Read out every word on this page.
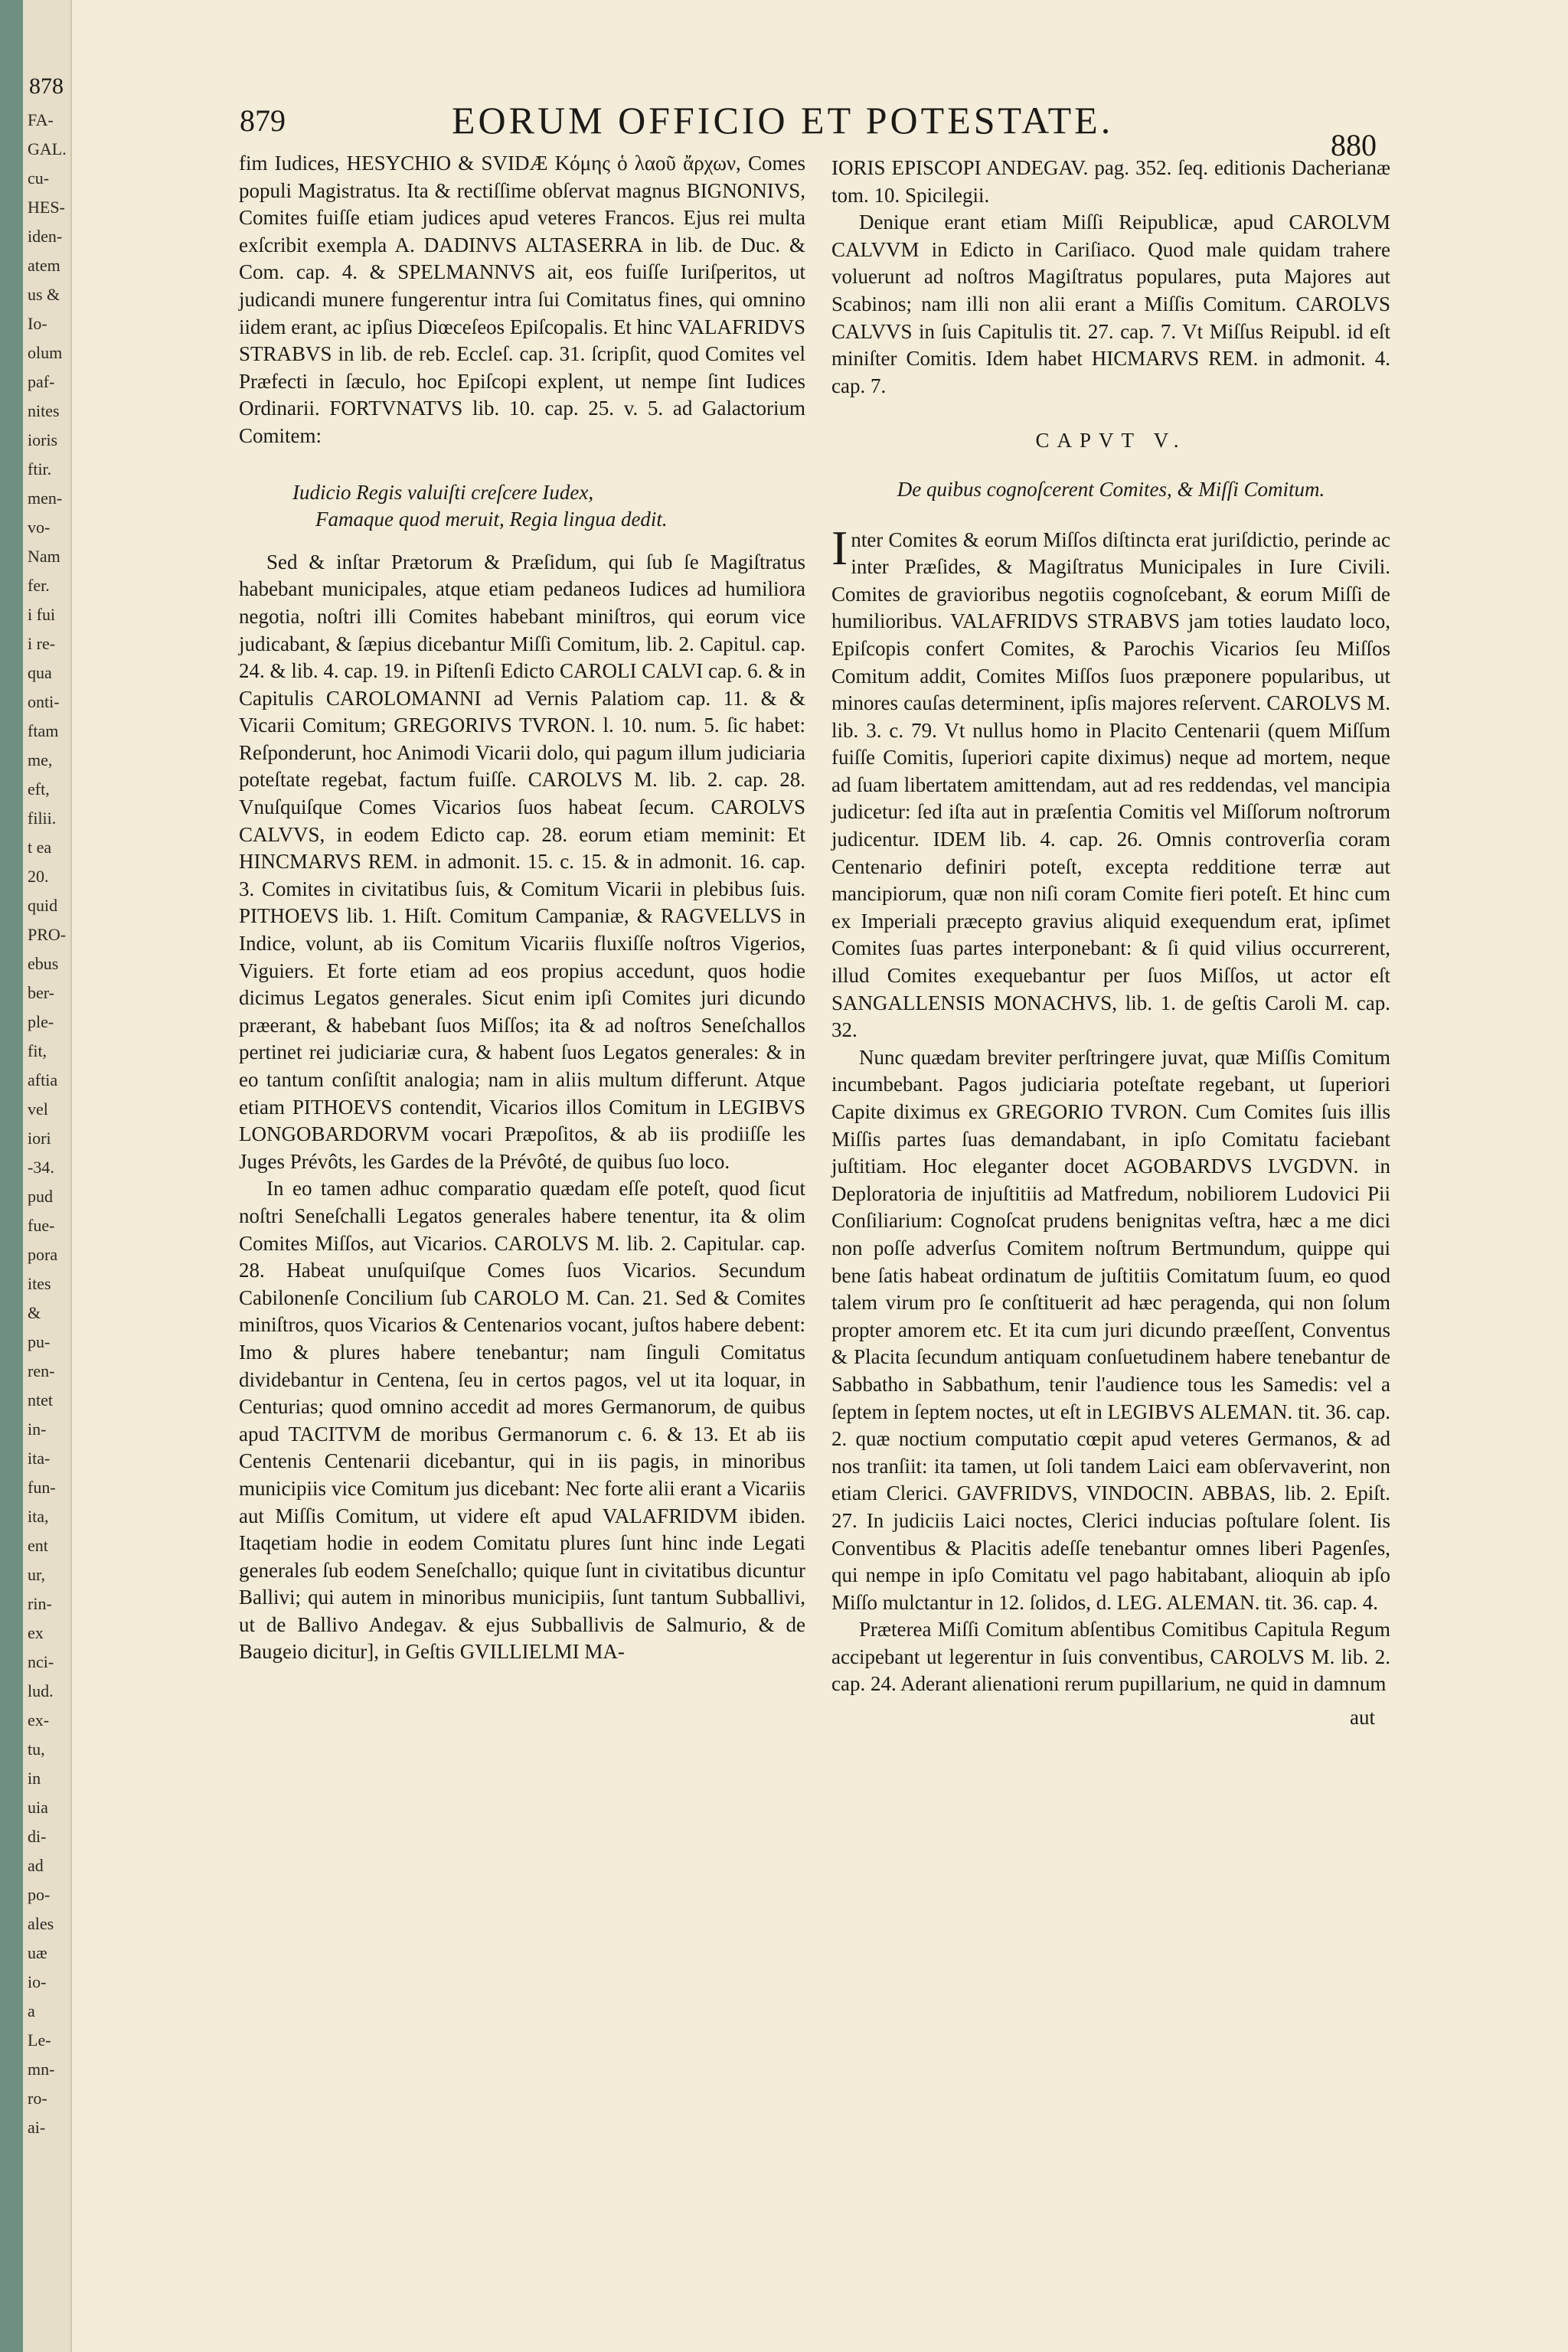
878
FA-
GAL.
cu-
HES-
iden-
atem
us &
Io-
olum
paf-
nites
ioris
ftir.
men-
vo-
Nam
fer.
i fui
i re-
qua
onti-
ftam
me,
eft,
filii.
t ea
20.
quid
PRO-
ebus
ber-
ple-
fit,
aftia
vel
iori
-34.
pud
fue-
pora
ites
&
pu-
ren-
ntet
in-
ita-
fun-
ita,
ent
ur,
rin-
ex
nci-
lud.
ex-
tu,
in
uia
di-
ad
po-
ales
uæ
io-
a
Le-
mn-
ro-
ai-
879	EORUM OFFICIO ET POTESTATE.
880

fim Iudices, HESYCHIO & SVIDÆ Κόμης ὁ λαοῦ ἄρχων, Comes populi Magistratus. Ita & rectiſſime obſervat magnus BIGNONIVS, Comites fuiſſe etiam judices apud veteres Francos. Ejus rei multa exſcribit exempla A. DADINVS ALTASERRA in lib. de Duc. & Com. cap. 4. & SPELMANNVS ait, eos fuiſſe Iuriſperitos, ut judicandi munere fungerentur intra ſui Comitatus fines, qui omnino iidem erant, ac ipſius Diœceſeos Epiſcopalis. Et hinc VALAFRIDVS STRABVS in lib. de reb. Eccleſ. cap. 31. ſcripſit, quod Comites vel Præfecti in ſæculo, hoc Epiſcopi explent, ut nempe ſint Iudices Ordinarii. FORTVNATVS lib. 10. cap. 25. v. 5. ad Galactorium Comitem:

Iudicio Regis valuiſti creſcere Iudex,
Famaque quod meruit, Regia lingua dedit.

Sed & inſtar Prætorum & Præſidum, qui ſub ſe Magiſtratus habebant municipales, atque etiam pedaneos Iudices ad humiliora negotia, noſtri illi Comites habebant miniſtros, qui eorum vice judicabant, & ſæpius dicebantur Miſſi Comitum, lib. 2. Capitul. cap. 24. & lib. 4. cap. 19. in Piſtenſi Edicto CAROLI CALVI cap. 6. & in Capitulis CAROLOMANNI ad Vernis Palatiom cap. 11. & & Vicarii Comitum; GREGORIVS TVRON. l. 10. num. 5. ſic habet: Reſponderunt, hoc Animodi Vicarii dolo, qui pagum illum judiciaria poteſtate regebat, factum fuiſſe. CAROLVS M. lib. 2. cap. 28. Vnuſquiſque Comes Vicarios ſuos habeat ſecum. CAROLVS CALVVS, in eodem Edicto cap. 28. eorum etiam meminit: Et HINCMARVS REM. in admonit. 15. c. 15. & in admonit. 16. cap. 3. Comites in civitatibus ſuis, & Comitum Vicarii in plebibus ſuis. PITHOEVS lib. 1. Hiſt. Comitum Campaniæ, & RAGVELLVS in Indice, volunt, ab iis Comitum Vicariis fluxiſſe noſtros Vigerios, Viguiers. Et forte etiam ad eos propius accedunt, quos hodie dicimus Legatos generales. Sicut enim ipſi Comites juri dicundo præerant, & habebant ſuos Miſſos; ita & ad noſtros Seneſchallos pertinet rei judiciariæ cura, & habent ſuos Legatos generales: & in eo tantum conſiſtit analogia; nam in aliis multum differunt. Atque etiam PITHOEVS contendit, Vicarios illos Comitum in LEGIBVS LONGOBARDORVM vocari Præpoſitos, & ab iis prodiiſſe les Juges Prévôts, les Gardes de la Prévôté, de quibus ſuo loco.

In eo tamen adhuc comparatio quædam eſſe poteſt, quod ſicut noſtri Seneſchalli Legatos generales habere tenentur, ita & olim Comites Miſſos, aut Vicarios. CAROLVS M. lib. 2. Capitular. cap. 28. Habeat unuſquiſque Comes ſuos Vicarios. Secundum Cabilonenſe Concilium ſub CAROLO M. Can. 21. Sed & Comites miniſtros, quos Vicarios & Centenarios vocant, juſtos habere debent: Imo & plures habere tenebantur; nam ſinguli Comitatus dividebantur in Centena, ſeu in certos pagos, vel ut ita loquar, in Centurias; quod omnino accedit ad mores Germanorum, de quibus apud TACITVM de moribus Germanorum c. 6. & 13. Et ab iis Centenis Centenarii dicebantur, qui in iis pagis, in minoribus municipiis vice Comitum jus dicebant: Nec forte alii erant a Vicariis aut Miſſis Comitum, ut videre eſt apud VALAFRIDVM ibiden. Itaqetiam hodie in eodem Comitatu plures ſunt hinc inde Legati generales ſub eodem Seneſchallo; quique ſunt in civitatibus dicuntur Ballivi; qui autem in minoribus municipiis, ſunt tantum Subballivi, ut de Ballivo Andegav. & ejus Subballivis de Salmurio, & de Baugeio dicitur], in Geſtis GVILLIELMI MA-

IORIS EPISCOPI ANDEGAV. pag. 352. ſeq. editionis Dacherianæ tom. 10. Spicilegii.

Denique erant etiam Miſſi Reipublicæ, apud CAROLVM CALVVM in Edicto in Cariſiaco. Quod male quidam trahere voluerunt ad noſtros Magiſtratus populares, puta Majores aut Scabinos; nam illi non alii erant a Miſſis Comitum. CAROLVS CALVVS in ſuis Capitulis tit. 27. cap. 7. Vt Miſſus Reipubl. id eſt miniſter Comitis. Idem habet HICMARVS REM. in admonit. 4. cap. 7.

CAPVT V.
De quibus cognoſcerent Comites, & Miſſi Comitum.

Inter Comites & eorum Miſſos diſtincta erat juriſdictio, perinde ac inter Præſides, & Magiſtratus Municipales in Iure Civili. Comites de gravioribus negotiis cognoſcebant, & eorum Miſſi de humilioribus. VALAFRIDVS STRABVS jam toties laudato loco, Epiſcopis confert Comites, & Parochis Vicarios ſeu Miſſos Comitum addit, Comites Miſſos ſuos præponere popularibus, ut minores cauſas determinent, ipſis majores reſervent. CAROLVS M. lib. 3. c. 79. Vt nullus homo in Placito Centenarii (quem Miſſum fuiſſe Comitis, ſuperiori capite diximus) neque ad mortem, neque ad ſuam libertatem amittendam, aut ad res reddendas, vel mancipia judicetur: ſed iſta aut in præſentia Comitis vel Miſſorum noſtrorum judicentur. IDEM lib. 4. cap. 26. Omnis controverſia coram Centenario definiri poteſt, excepta redditione terræ aut mancipiorum, quæ non niſi coram Comite fieri poteſt. Et hinc cum ex Imperiali præcepto gravius aliquid exequendum erat, ipſimet Comites ſuas partes interponebant: & ſi quid vilius occurrerent, illud Comites exequebantur per ſuos Miſſos, ut actor eſt SANGALLENSIS MONACHVS, lib. 1. de geſtis Caroli M. cap. 32.

Nunc quædam breviter perſtringere juvat, quæ Miſſis Comitum incumbebant. Pagos judiciaria poteſtate regebant, ut ſuperiori Capite diximus ex GREGORIO TVRON. Cum Comites ſuis illis Miſſis partes ſuas demandabant, in ipſo Comitatu faciebant juſtitiam. Hoc eleganter docet AGOBARDVS LVGDVN. in Deploratoria de injuſtitiis ad Matfredum, nobiliorem Ludovici Pii Conſiliarium: Cognoſcat prudens benignitas veſtra, hæc a me dici non poſſe adverſus Comitem noſtrum Bertmundum, quippe qui bene ſatis habeat ordinatum de juſtitiis Comitatum ſuum, eo quod talem virum pro ſe conſtituerit ad hæc peragenda, qui non ſolum propter amorem etc. Et ita cum juri dicundo præeſſent, Conventus & Placita ſecundum antiquam conſuetudinem habere tenebantur de Sabbatho in Sabbathum, tenir l'audience tous les Samedis: vel a ſeptem in ſeptem noctes, ut eſt in LEGIBVS ALEMAN. tit. 36. cap. 2. quæ noctium computatio cœpit apud veteres Germanos, & ad nos tranſiit: ita tamen, ut ſoli tandem Laici eam obſervaverint, non etiam Clerici. GAVFRIDVS, VINDOCIN. ABBAS, lib. 2. Epiſt. 27. In judiciis Laici noctes, Clerici inducias poſtulare ſolent. Iis Conventibus & Placitis adeſſe tenebantur omnes liberi Pagenſes, qui nempe in ipſo Comitatu vel pago habitabant, alioquin ab ipſo Miſſo mulctantur in 12. ſolidos, d. LEG. ALEMAN. tit. 36. cap. 4.

Præterea Miſſi Comitum abſentibus Comitibus Capitula Regum accipebant ut legerentur in ſuis conventibus, CAROLVS M. lib. 2. cap. 24. Aderant alienationi rerum pupillarium, ne quid in damnum

aut
